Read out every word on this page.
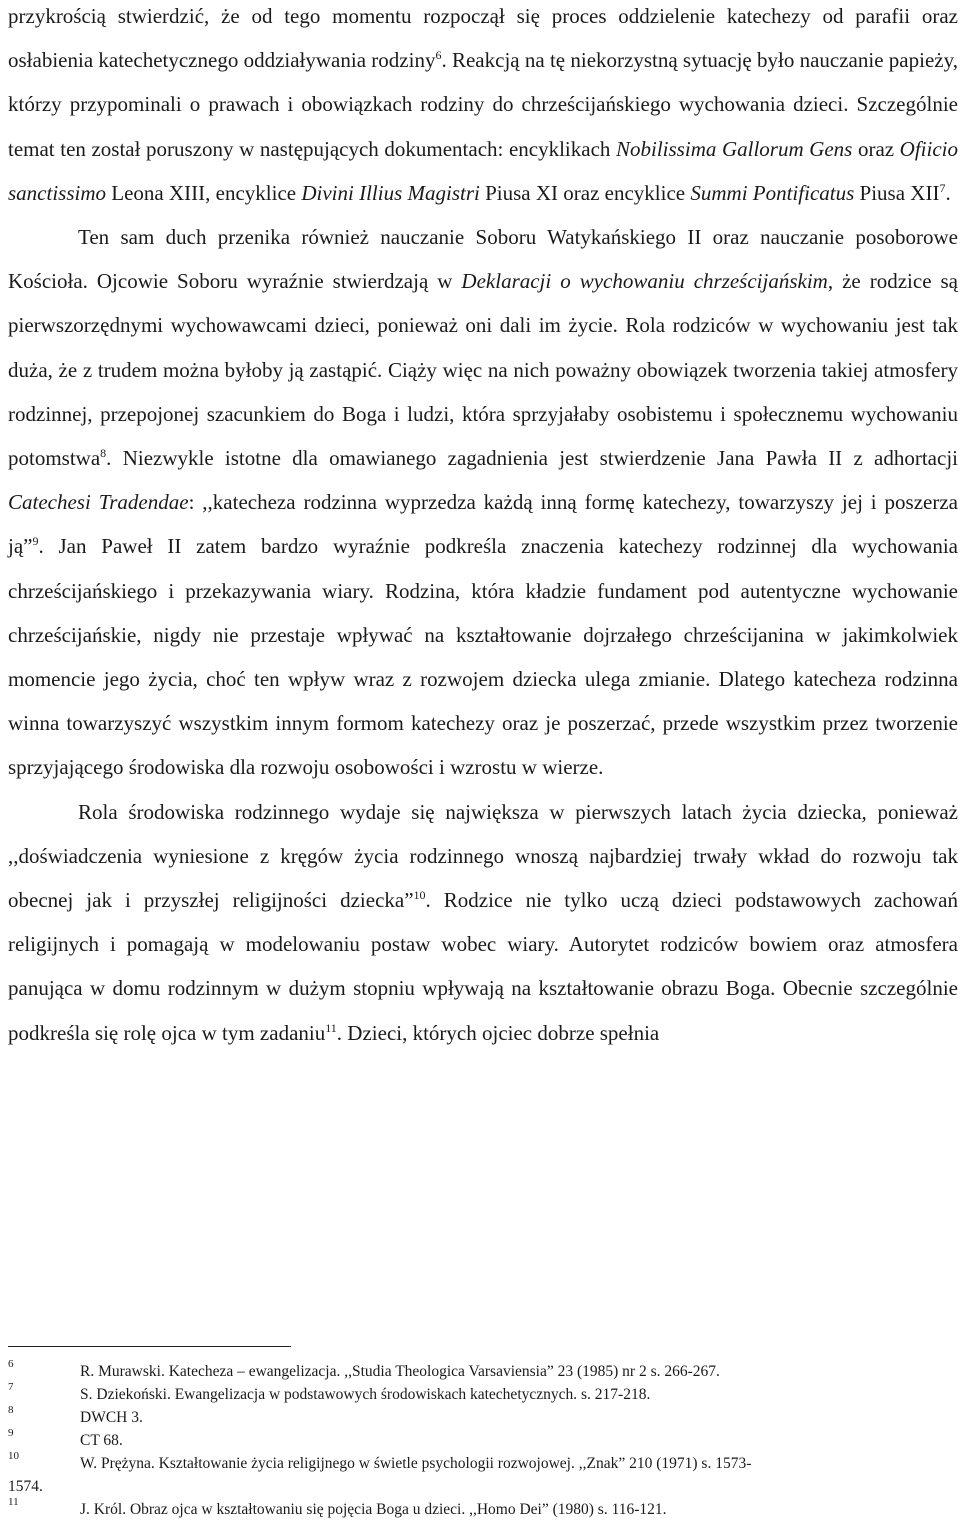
przykrością stwierdzić, że od tego momentu rozpoczął się proces oddzielenie katechezy od parafii oraz osłabienia katechetycznego oddziaływania rodziny$^6$. Reakcją na tę niekorzystną sytuację było nauczanie papieży, którzy przypominali o prawach i obowiązkach rodziny do chrześcijańskiego wychowania dzieci. Szczególnie temat ten został poruszony w następujących dokumentach: encyklikach Nobilissima Gallorum Gens oraz Ofiicio sanctissimo Leona XIII, encyklice Divini Illius Magistri Piusa XI oraz encyklice Summi Pontificatus Piusa XII$^7$.

Ten sam duch przenika również nauczanie Soboru Watykańskiego II oraz nauczanie posoborowe Kościoła. Ojcowie Soboru wyraźnie stwierdzają w Deklaracji o wychowaniu chrześcijańskim, że rodzice są pierwszorzędnymi wychowawcami dzieci, ponieważ oni dali im życie. Rola rodziców w wychowaniu jest tak duża, że z trudem można byłoby ją zastąpić. Ciąży więc na nich poważny obowiązek tworzenia takiej atmosfery rodzinnej, przepojonej szacunkiem do Boga i ludzi, która sprzyjałaby osobistemu i społecznemu wychowaniu potomstwa$^8$. Niezwykle istotne dla omawianego zagadnienia jest stwierdzenie Jana Pawła II z adhortacji Catechesi Tradendae: ,,katecheza rodzinna wyprzedza każdą inną formę katechezy, towarzyszy jej i poszerza ją”$^9$. Jan Paweł II zatem bardzo wyraźnie podkreśla znaczenia katechezy rodzinnej dla wychowania chrześcijańskiego i przekazywania wiary. Rodzina, która kładzie fundament pod autentyczne wychowanie chrześcijańskie, nigdy nie przestaje wpływać na kształtowanie dojrzałego chrześcijanina w jakimkolwiek momencie jego życia, choć ten wpływ wraz z rozwojem dziecka ulega zmianie. Dlatego katecheza rodzinna winna towarzyszyć wszystkim innym formom katechezy oraz je poszerzać, przede wszystkim przez tworzenie sprzyjającego środowiska dla rozwoju osobowości i wzrostu w wierze.

Rola środowiska rodzinnego wydaje się największa w pierwszych latach życia dziecka, ponieważ ,,doświadczenia wyniesione z kręgów życia rodzinnego wnoszą najbardziej trwały wkład do rozwoju tak obecnej jak i przyszłej religijności dziecka”$^{10}$. Rodzice nie tylko uczą dzieci podstawowych zachowań religijnych i pomagają w modelowaniu postaw wobec wiary. Autorytet rodziców bowiem oraz atmosfera panująca w domu rodzinnym w dużym stopniu wpływają na kształtowanie obrazu Boga. Obecnie szczególnie podkreśla się rolę ojca w tym zadaniu$^{11}$. Dzieci, których ojciec dobrze spełnia

6	R. Murawski. Katecheza – ewangelizacja. ,,Studia Theologica Varsaviensia” 23 (1985) nr 2 s. 266-267.
7	S. Dziekoński. Ewangelizacja w podstawowych środowiskach katechetycznych. s. 217-218.
8	DWCH 3.
9	CT 68.
10	W. Prężyna. Kształtowanie życia religijnego w świetle psychologii rozwojowej. ,,Znak” 210 (1971) s. 1573-
1574.
11	J. Król. Obraz ojca w kształtowaniu się pojęcia Boga u dzieci. ,,Homo Dei” (1980) s. 116-121.
